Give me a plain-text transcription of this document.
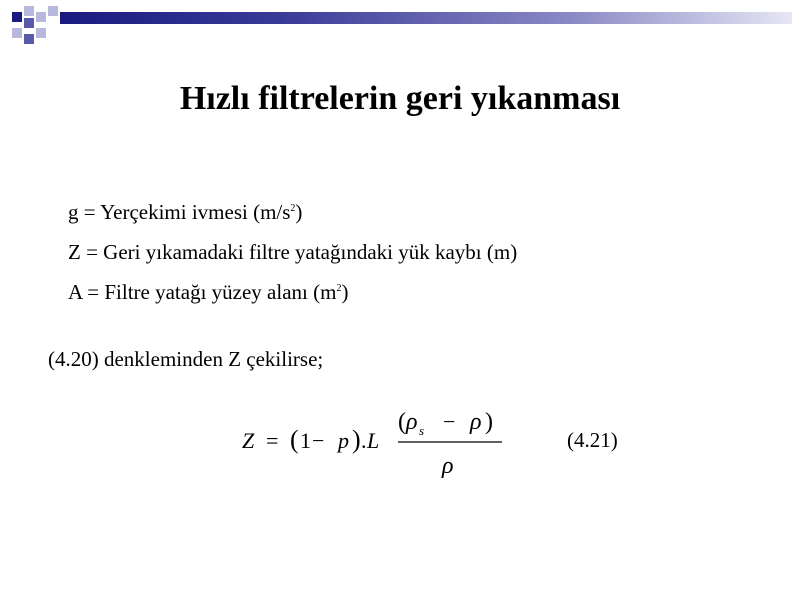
Hızlı filtrelerin geri yıkanması
g = Yerçekimi ivmesi $(m/s^2)$
Z = Geri yıkamadaki filtre yatağındaki yük kaybı (m)
A = Filtre yatağı yüzey alanı $(m^2)$
(4.20) denkleminden Z çekilirse;
Z = ( 1 − p ) . L
( ρ s − ρ )
ρ
(4.21)
